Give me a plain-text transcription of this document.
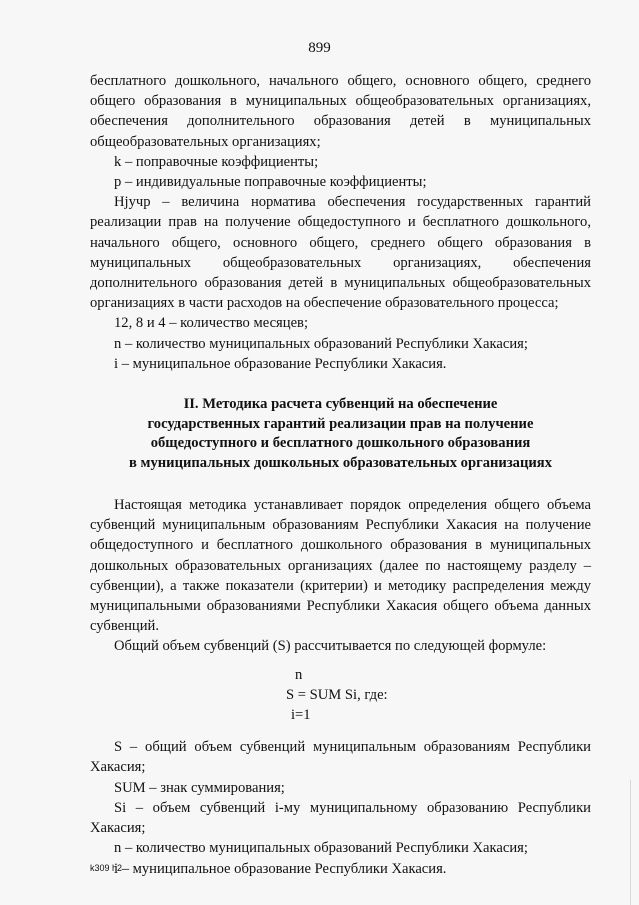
899

бесплатного дошкольного, начального общего, основного общего, среднего общего образования в муниципальных общеобразовательных организациях, обеспечения дополнительного образования детей в муниципальных общеобразовательных организациях;

k – поправочные коэффициенты;

p – индивидуальные поправочные коэффициенты;

Hjучр – величина норматива обеспечения государственных гарантий реализации прав на получение общедоступного и бесплатного дошкольного, начального общего, основного общего, среднего общего образования в муниципальных общеобразовательных организациях, обеспечения дополнительного образования детей в муниципальных общеобразовательных организациях в части расходов на обеспечение образовательного процесса;

12, 8 и 4 – количество месяцев;

n – количество муниципальных образований Республики Хакасия;

i – муниципальное образование Республики Хакасия.

II. Методика расчета субвенций на обеспечение
государственных гарантий реализации прав на получение
общедоступного и бесплатного дошкольного образования
в муниципальных дошкольных образовательных организациях

Настоящая методика устанавливает порядок определения общего объема субвенций муниципальным образованиям Республики Хакасия на получение общедоступного и бесплатного дошкольного образования в муниципальных дошкольных образовательных организациях (далее по настоящему разделу – субвенции), а также показатели (критерии) и методику распределения между муниципальными образованиями Республики Хакасия общего объема данных субвенций.

Общий объем субвенций (S) рассчитывается по следующей формуле:

n
S = SUM Si, где:
i=1

S – общий объем субвенций муниципальным образованиям Республики Хакасия;

SUM – знак суммирования;

Si – объем субвенций i-му муниципальному образованию Республики Хакасия;

n – количество муниципальных образований Республики Хакасия;

i – муниципальное образование Республики Хакасия.

k309 h2
